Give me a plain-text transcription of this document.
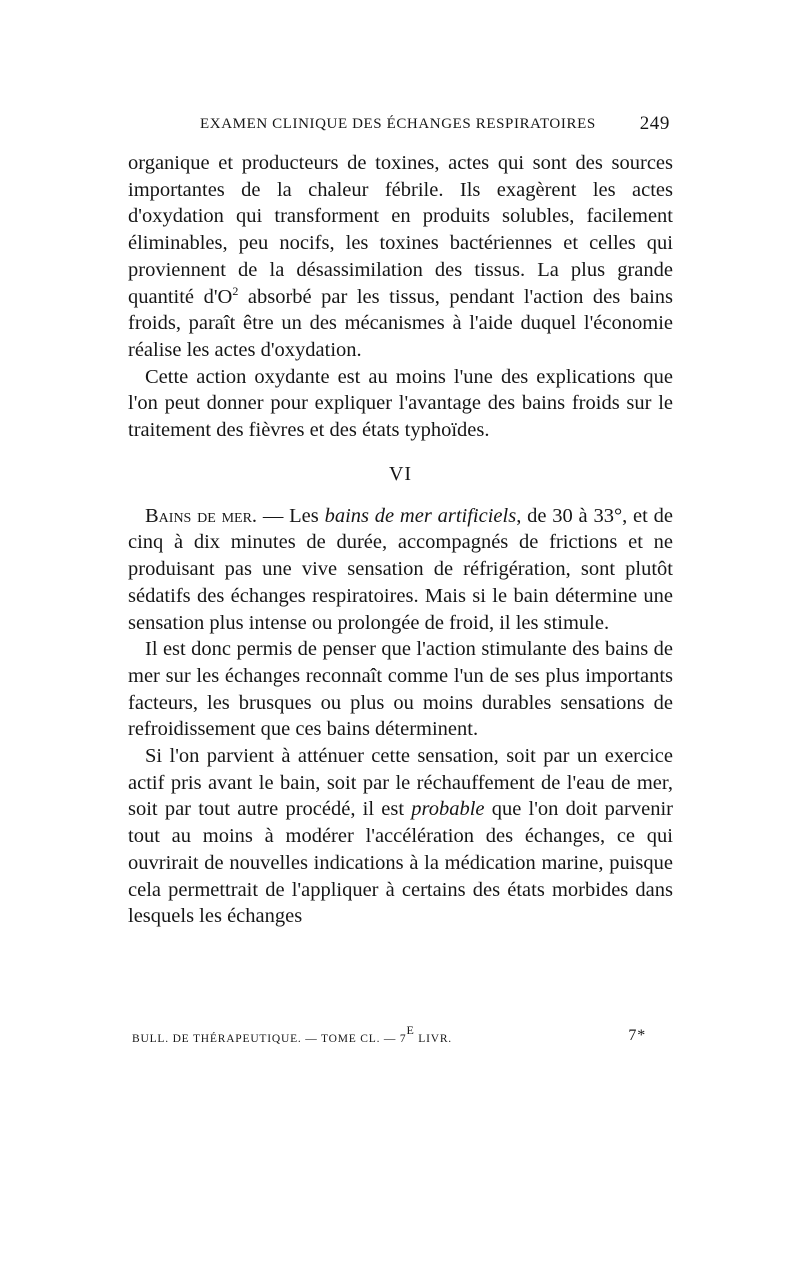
EXAMEN CLINIQUE DES ÉCHANGES RESPIRATOIRES 249

organique et producteurs de toxines, actes qui sont des sources importantes de la chaleur fébrile. Ils exagèrent les actes d'oxydation qui transforment en produits solubles, facilement éliminables, peu nocifs, les toxines bactériennes et celles qui proviennent de la désassimilation des tissus. La plus grande quantité $d'O^2$ absorbé par les tissus, pendant l'action des bains froids, paraît être un des mécanismes à l'aide duquel l'économie réalise les actes d'oxydation.

Cette action oxydante est au moins l'une des explications que l'on peut donner pour expliquer l'avantage des bains froids sur le traitement des fièvres et des états typhoïdes.

VI

Bains de mer. — Les bains de mer artificiels, de 30 à 33°, et de cinq à dix minutes de durée, accompagnés de frictions et ne produisant pas une vive sensation de réfrigération, sont plutôt sédatifs des échanges respiratoires. Mais si le bain détermine une sensation plus intense ou prolongée de froid, il les stimule.

Il est donc permis de penser que l'action stimulante des bains de mer sur les échanges reconnaît comme l'un de ses plus importants facteurs, les brusques ou plus ou moins durables sensations de refroidissement que ces bains déterminent.

Si l'on parvient à atténuer cette sensation, soit par un exercice actif pris avant le bain, soit par le réchauffement de l'eau de mer, soit par tout autre procédé, il est probable que l'on doit parvenir tout au moins à modérer l'accélération des échanges, ce qui ouvrirait de nouvelles indications à la médication marine, puisque cela permettrait de l'appliquer à certains des états morbides dans lesquels les échanges

BULL. DE THÉRAPEUTIQUE. — TOME CL. — $7^E$ LIVR.	7*
